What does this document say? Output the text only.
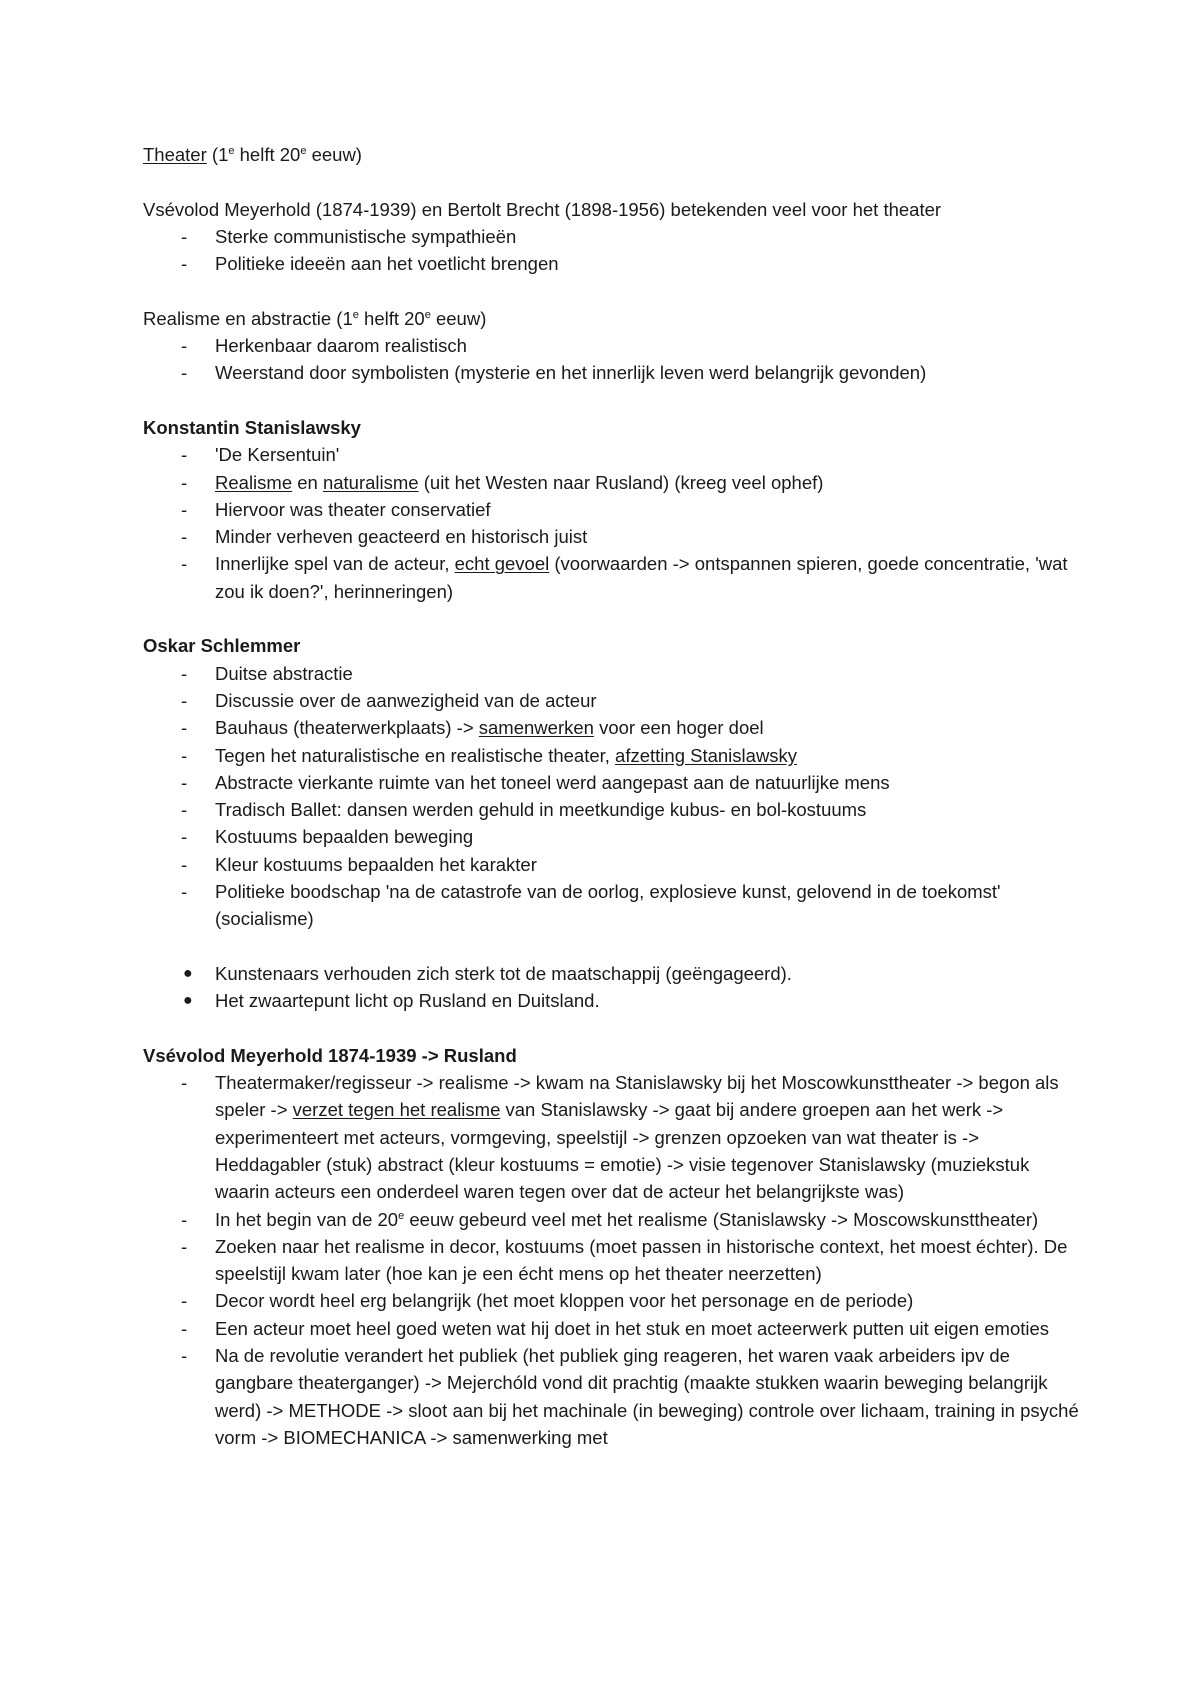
Theater (1e helft 20e eeuw)
Vsévolod Meyerhold (1874-1939) en Bertolt Brecht (1898-1956) betekenden veel voor het theater
- Sterke communistische sympathieën
- Politieke ideeën aan het voetlicht brengen
Realisme en abstractie (1e helft 20e eeuw)
- Herkenbaar daarom realistisch
- Weerstand door symbolisten (mysterie en het innerlijk leven werd belangrijk gevonden)
Konstantin Stanislawsky
- 'De Kersentuin'
- Realisme en naturalisme (uit het Westen naar Rusland) (kreeg veel ophef)
- Hiervoor was theater conservatief
- Minder verheven geacteerd en historisch juist
- Innerlijke spel van de acteur, echt gevoel (voorwaarden -> ontspannen spieren, goede concentratie, 'wat zou ik doen?', herinneringen)
Oskar Schlemmer
- Duitse abstractie
- Discussie over de aanwezigheid van de acteur
- Bauhaus (theaterwerkplaats) -> samenwerken voor een hoger doel
- Tegen het naturalistische en realistische theater, afzetting Stanislawsky
- Abstracte vierkante ruimte van het toneel werd aangepast aan de natuurlijke mens
- Tradisch Ballet: dansen werden gehuld in meetkundige kubus- en bol-kostuums
- Kostuums bepaalden beweging
- Kleur kostuums bepaalden het karakter
- Politieke boodschap 'na de catastrofe van de oorlog, explosieve kunst, gelovend in de toekomst' (socialisme)
● Kunstenaars verhouden zich sterk tot de maatschappij (geëngageerd).
● Het zwaartepunt licht op Rusland en Duitsland.
Vsévolod Meyerhold 1874-1939 -> Rusland
- Theatermaker/regisseur -> realisme -> kwam na Stanislawsky bij het Moscowkunsttheater -> begon als speler -> verzet tegen het realisme van Stanislawsky -> gaat bij andere groepen aan het werk -> experimenteert met acteurs, vormgeving, speelstijl -> grenzen opzoeken van wat theater is -> Heddagabler (stuk) abstract (kleur kostuums = emotie) -> visie tegenover Stanislawsky (muziekstuk waarin acteurs een onderdeel waren tegen over dat de acteur het belangrijkste was)
- In het begin van de 20e eeuw gebeurd veel met het realisme (Stanislawsky -> Moscowskunsttheater)
- Zoeken naar het realisme in decor, kostuums (moet passen in historische context, het moest échter). De speelstijl kwam later (hoe kan je een écht mens op het theater neerzetten)
- Decor wordt heel erg belangrijk (het moet kloppen voor het personage en de periode)
- Een acteur moet heel goed weten wat hij doet in het stuk en moet acteerwerk putten uit eigen emoties
- Na de revolutie verandert het publiek (het publiek ging reageren, het waren vaak arbeiders ipv de gangbare theaterganger) -> Mejerchóld vond dit prachtig (maakte stukken waarin beweging belangrijk werd) -> METHODE -> sloot aan bij het machinale (in beweging) controle over lichaam, training in psyché vorm -> BIOMECHANICA -> samenwerking met
